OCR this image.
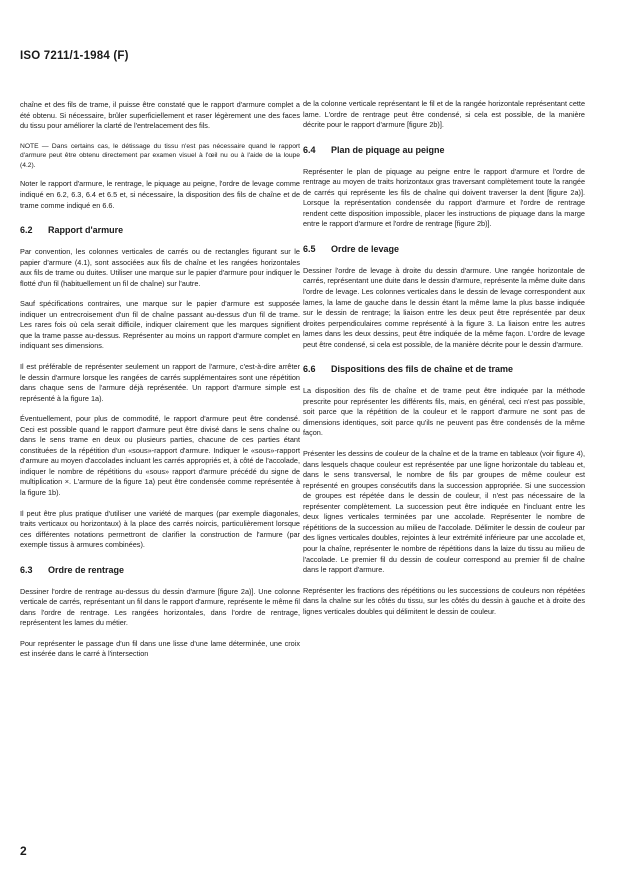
ISO 7211/1-1984 (F)

chaîne et des fils de trame, il puisse être constaté que le rapport d'armure complet a été obtenu. Si nécessaire, brûler superficiellement et raser légèrement une des faces du tissu pour améliorer la clarté de l'entrelacement des fils.

NOTE — Dans certains cas, le détissage du tissu n'est pas nécessaire quand le rapport d'armure peut être obtenu directement par examen visuel à l'œil nu ou à l'aide de la loupe (4.2).

Noter le rapport d'armure, le rentrage, le piquage au peigne, l'ordre de levage comme indiqué en 6.2, 6.3, 6.4 et 6.5 et, si nécessaire, la disposition des fils de chaîne et de trame comme indiqué en 6.6.

6.2 Rapport d'armure

Par convention, les colonnes verticales de carrés ou de rectangles figurant sur le papier d'armure (4.1), sont associées aux fils de chaîne et les rangées horizontales aux fils de trame ou duites. Utiliser une marque sur le papier d'armure pour indiquer le flotté d'un fil (habituellement un fil de chaîne) sur l'autre.

Sauf spécifications contraires, une marque sur le papier d'armure est supposée indiquer un entrecroisement d'un fil de chaîne passant au-dessus d'un fil de trame. Les rares fois où cela serait difficile, indiquer clairement que les marques signifient que la trame passe au-dessus. Représenter au moins un rapport d'armure complet en indiquant ses dimensions.

Il est préférable de représenter seulement un rapport de l'armure, c'est-à-dire arrêter le dessin d'armure lorsque les rangées de carrés supplémentaires sont une répétition dans chaque sens de l'armure déjà représentée. Un rapport d'armure simple est représenté à la figure 1a).

Éventuellement, pour plus de commodité, le rapport d'armure peut être condensé. Ceci est possible quand le rapport d'armure peut être divisé dans le sens chaîne ou dans le sens trame en deux ou plusieurs parties, chacune de ces parties étant constituées de la répétition d'un «sous»-rapport d'armure. Indiquer le «sous»-rapport d'armure au moyen d'accolades incluant les carrés appropriés et, à côté de l'accolade, indiquer le nombre de répétitions du «sous» rapport d'armure précédé du signe de multiplication ×. L'armure de la figure 1a) peut être condensée comme représentée à la figure 1b).

Il peut être plus pratique d'utiliser une variété de marques (par exemple diagonales, traits verticaux ou horizontaux) à la place des carrés noircis, particulièrement lorsque ces différentes notations permettront de clarifier la construction de l'armure (par exemple tissus à armures combinées).

6.3 Ordre de rentrage

Dessiner l'ordre de rentrage au-dessus du dessin d'armure [figure 2a)]. Une colonne verticale de carrés, représentant un fil dans le rapport d'armure, représente le même fil dans l'ordre de rentrage. Les rangées horizontales, dans l'ordre de rentrage, représentent les lames du métier.

Pour représenter le passage d'un fil dans une lisse d'une lame déterminée, une croix est insérée dans le carré à l'intersection

de la colonne verticale représentant le fil et de la rangée horizontale représentant cette lame. L'ordre de rentrage peut être condensé, si cela est possible, de la manière décrite pour le rapport d'armure [figure 2b)].

6.4 Plan de piquage au peigne

Représenter le plan de piquage au peigne entre le rapport d'armure et l'ordre de rentrage au moyen de traits horizontaux gras traversant complètement toute la rangée de carrés qui représente les fils de chaîne qui doivent traverser la dent [figure 2a)]. Lorsque la représentation condensée du rapport d'armure et l'ordre de rentrage rendent cette disposition impossible, placer les instructions de piquage dans la marge entre le rapport d'armure et l'ordre de rentrage [figure 2b)].

6.5 Ordre de levage

Dessiner l'ordre de levage à droite du dessin d'armure. Une rangée horizontale de carrés, représentant une duite dans le dessin d'armure, représente la même duite dans l'ordre de levage. Les colonnes verticales dans le dessin de levage correspondent aux lames, la lame de gauche dans le dessin étant la même lame la plus basse indiquée sur le dessin de rentrage; la liaison entre les deux peut être représentée par deux droites perpendiculaires comme représenté à la figure 3. La liaison entre les autres lames dans les deux dessins, peut être indiquée de la même façon. L'ordre de levage peut être condensé, si cela est possible, de la manière décrite pour le dessin d'armure.

6.6 Dispositions des fils de chaîne et de trame

La disposition des fils de chaîne et de trame peut être indiquée par la méthode prescrite pour représenter les différents fils, mais, en général, ceci n'est pas possible, soit parce que la répétition de la couleur et le rapport d'armure ne sont pas de dimensions identiques, soit parce qu'ils ne peuvent pas être condensés de la même façon.

Présenter les dessins de couleur de la chaîne et de la trame en tableaux (voir figure 4), dans lesquels chaque couleur est représentée par une ligne horizontale du tableau et, dans le sens transversal, le nombre de fils par groupes de même couleur est représenté en groupes consécutifs dans la succession appropriée. Si une succession de groupes est répétée dans le dessin de couleur, il n'est pas nécessaire de la représenter complètement. La succession peut être indiquée en l'incluant entre les deux lignes verticales terminées par une accolade. Représenter le nombre de répétitions de la succession au milieu de l'accolade. Délimiter le dessin de couleur par des lignes verticales doubles, rejointes à leur extrémité inférieure par une accolade et, pour la chaîne, représenter le nombre de répétitions dans la laize du tissu au milieu de l'accolade. Le premier fil du dessin de couleur correspond au premier fil de chaîne dans le rapport d'armure.

Représenter les fractions des répétitions ou les successions de couleurs non répétées dans la chaîne sur les côtés du tissu, sur les côtés du dessin à gauche et à droite des lignes verticales doubles qui délimitent le dessin de couleur.

2
